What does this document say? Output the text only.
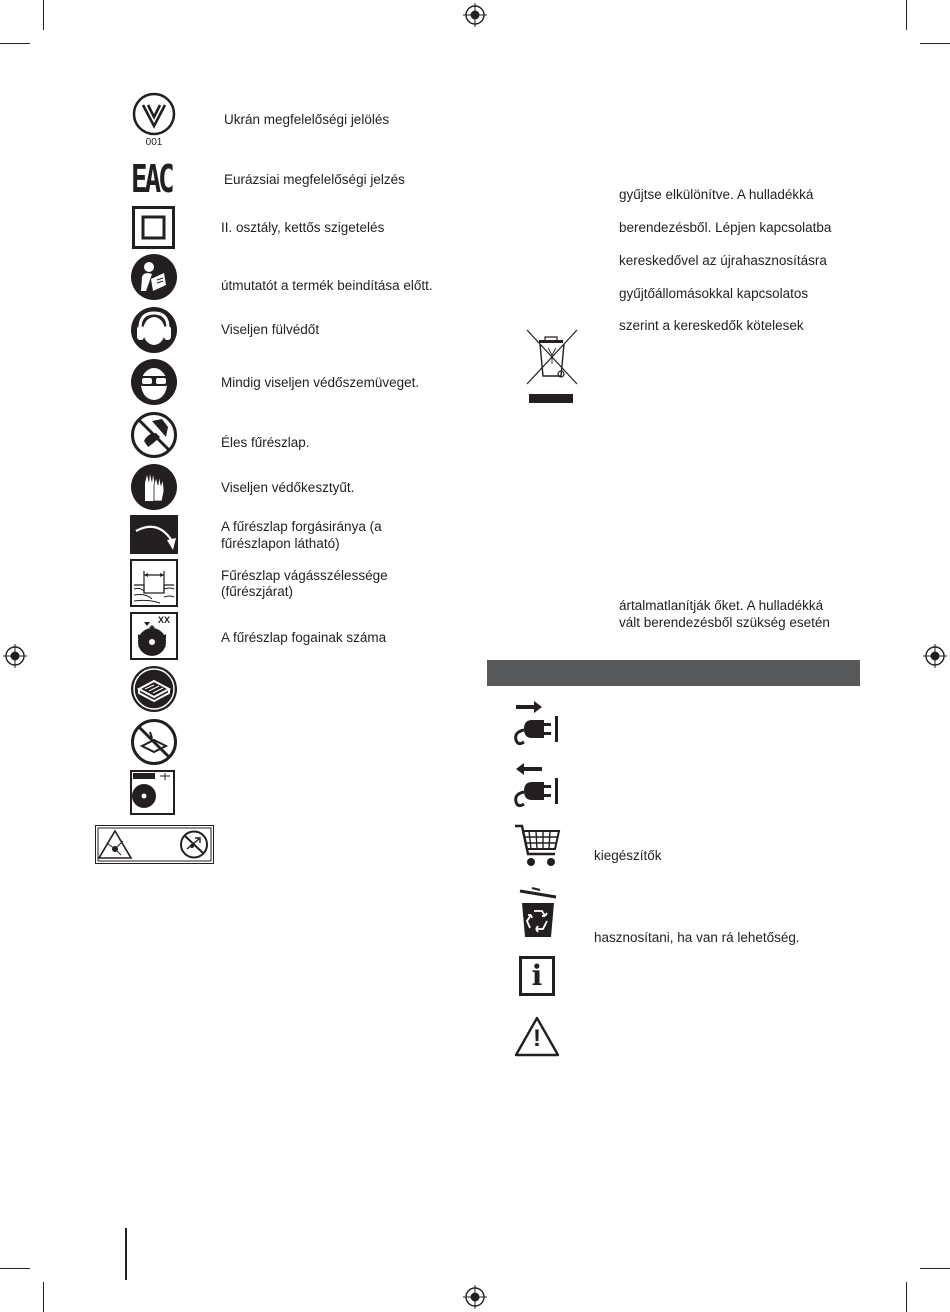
001
Ukrán megfelelőségi jelölés
EAC	Eurázsiai megfelelőségi jelzés
II. osztály, kettős szigetelés
útmutatót a termék beindítása előtt.
Viseljen fülvédőt
Mindig viseljen védőszemüveget.
Éles fűrészlap.
Viseljen védőkesztyűt.
A fűrészlap forgásiránya (a
fűrészlapon látható)
Fűrészlap vágásszélessége
(fűrészjárat)
XX
A fűrészlap fogainak száma
gyűjtse elkülönítve. A hulladékká
berendezésből. Lépjen kapcsolatba
kereskedővel az újrahasznosításra
gyűjtőállomásokkal kapcsolatos
szerint a kereskedők kötelesek
ártalmatlanítják őket. A hulladékká
vált berendezésből szükség esetén
kiegészítők
hasznosítani, ha van rá lehetőség.
i
!
